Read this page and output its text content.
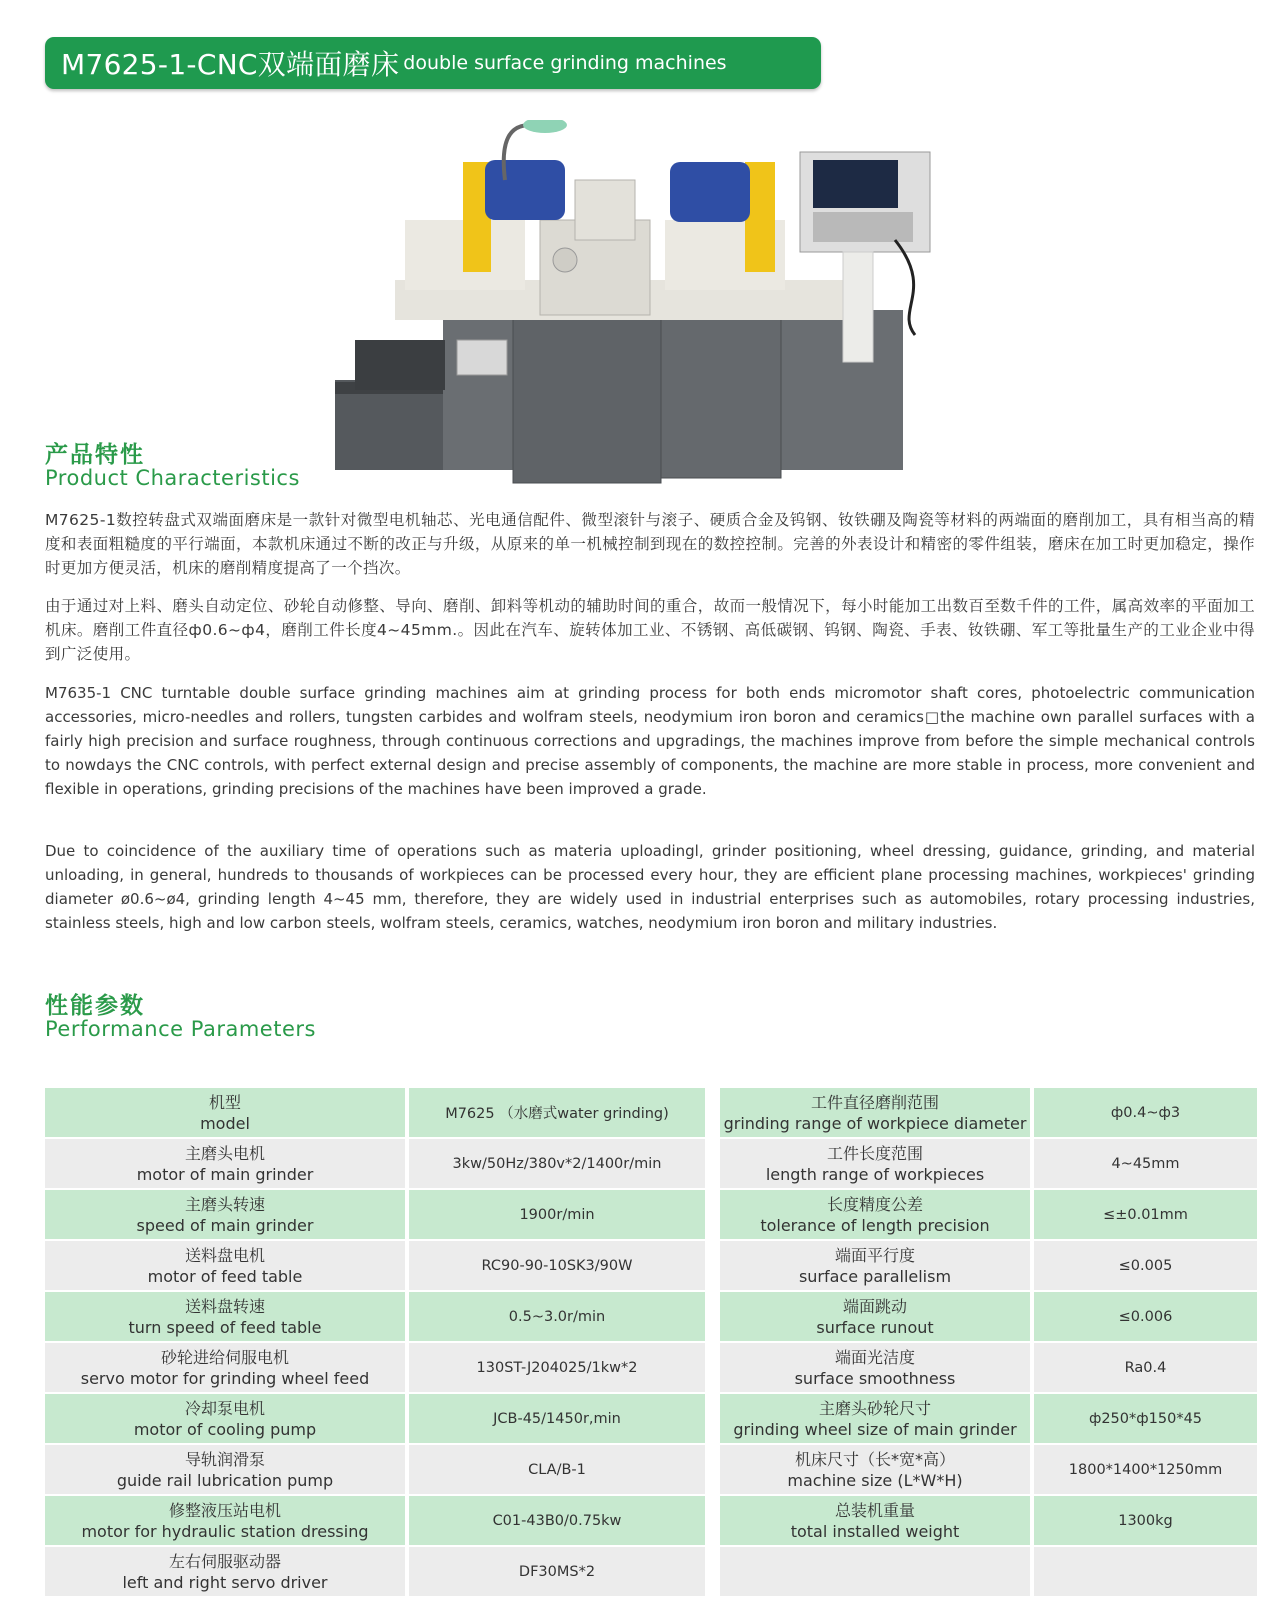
M7625-1-CNC双端面磨床 double surface grinding machines
产品特性
Product Characteristics

M7625-1数控转盘式双端面磨床是一款针对微型电机轴芯、光电通信配件、微型滚针与滚子、硬质合金及钨钢、钕铁硼及陶瓷等材料的两端面的磨削加工，具有相当高的精度和表面粗糙度的平行端面，本款机床通过不断的改正与升级，从原来的单一机械控制到现在的数控控制。完善的外表设计和精密的零件组装，磨床在加工时更加稳定，操作时更加方便灵活，机床的磨削精度提高了一个挡次。

由于通过对上料、磨头自动定位、砂轮自动修整、导向、磨削、卸料等机动的辅助时间的重合，故而一般情况下，每小时能加工出数百至数千件的工件，属高效率的平面加工机床。磨削工件直径ф0.6~ф4，磨削工件长度4~45mm.。因此在汽车、旋转体加工业、不锈钢、高低碳钢、钨钢、陶瓷、手表、钕铁硼、军工等批量生产的工业企业中得到广泛使用。

M7635-1 CNC turntable double surface grinding machines aim at grinding process for both ends micromotor shaft cores, photoelectric communication accessories, micro-needles and rollers, tungsten carbides and wolfram steels, neodymium iron boron and ceramics□the machine own parallel surfaces with a fairly high precision and surface roughness, through continuous corrections and upgradings, the machines improve from before the simple mechanical controls to nowdays the CNC controls, with perfect external design and precise assembly of components, the machine are more stable in process, more convenient and flexible in operations, grinding precisions of the machines have been improved a grade.

Due to coincidence of the auxiliary time of operations such as materia uploadingl, grinder positioning, wheel dressing, guidance, grinding, and material unloading, in general, hundreds to thousands of workpieces can be processed every hour, they are efficient plane processing machines, workpieces' grinding diameter ø0.6~ø4, grinding length 4~45 mm, therefore, they are widely used in industrial enterprises such as automobiles, rotary processing industries, stainless steels, high and low carbon steels, wolfram steels, ceramics, watches, neodymium iron boron and military industries.

性能参数
Performance Parameters
机型
model	M7625 （水磨式water grinding)
主磨头电机
motor of main grinder
3kw/50Hz/380v*2/1400r/min
主磨头转速
speed of main grinder
1900r/min
送料盘电机
motor of feed table
RC90-90-10SK3/90W
送料盘转速
turn speed of feed table
0.5~3.0r/min
砂轮进给伺服电机
servo motor for grinding wheel feed
130ST-J204025/1kw*2
冷却泵电机
motor of cooling pump
JCB-45/1450r,min
导轨润滑泵
guide rail lubrication pump
CLA/B-1
修整液压站电机
motor for hydraulic station dressing
C01-43B0/0.75kw
左右伺服驱动器
left and right servo driver
DF30MS*2
工件直径磨削范围
grinding range of workpiece diameter
ф0.4~ф3
工件长度范围
length range of workpieces
4~45mm
长度精度公差
tolerance of length precision
≤±0.01mm
端面平行度
surface parallelism
≤0.005
端面跳动
surface runout
≤0.006
端面光洁度
surface smoothness
Ra0.4
主磨头砂轮尺寸
grinding wheel size of main grinder
ф250*ф150*45
机床尺寸（长*宽*高）
machine size (L*W*H)
1800*1400*1250mm
总装机重量
total installed weight
1300kg
